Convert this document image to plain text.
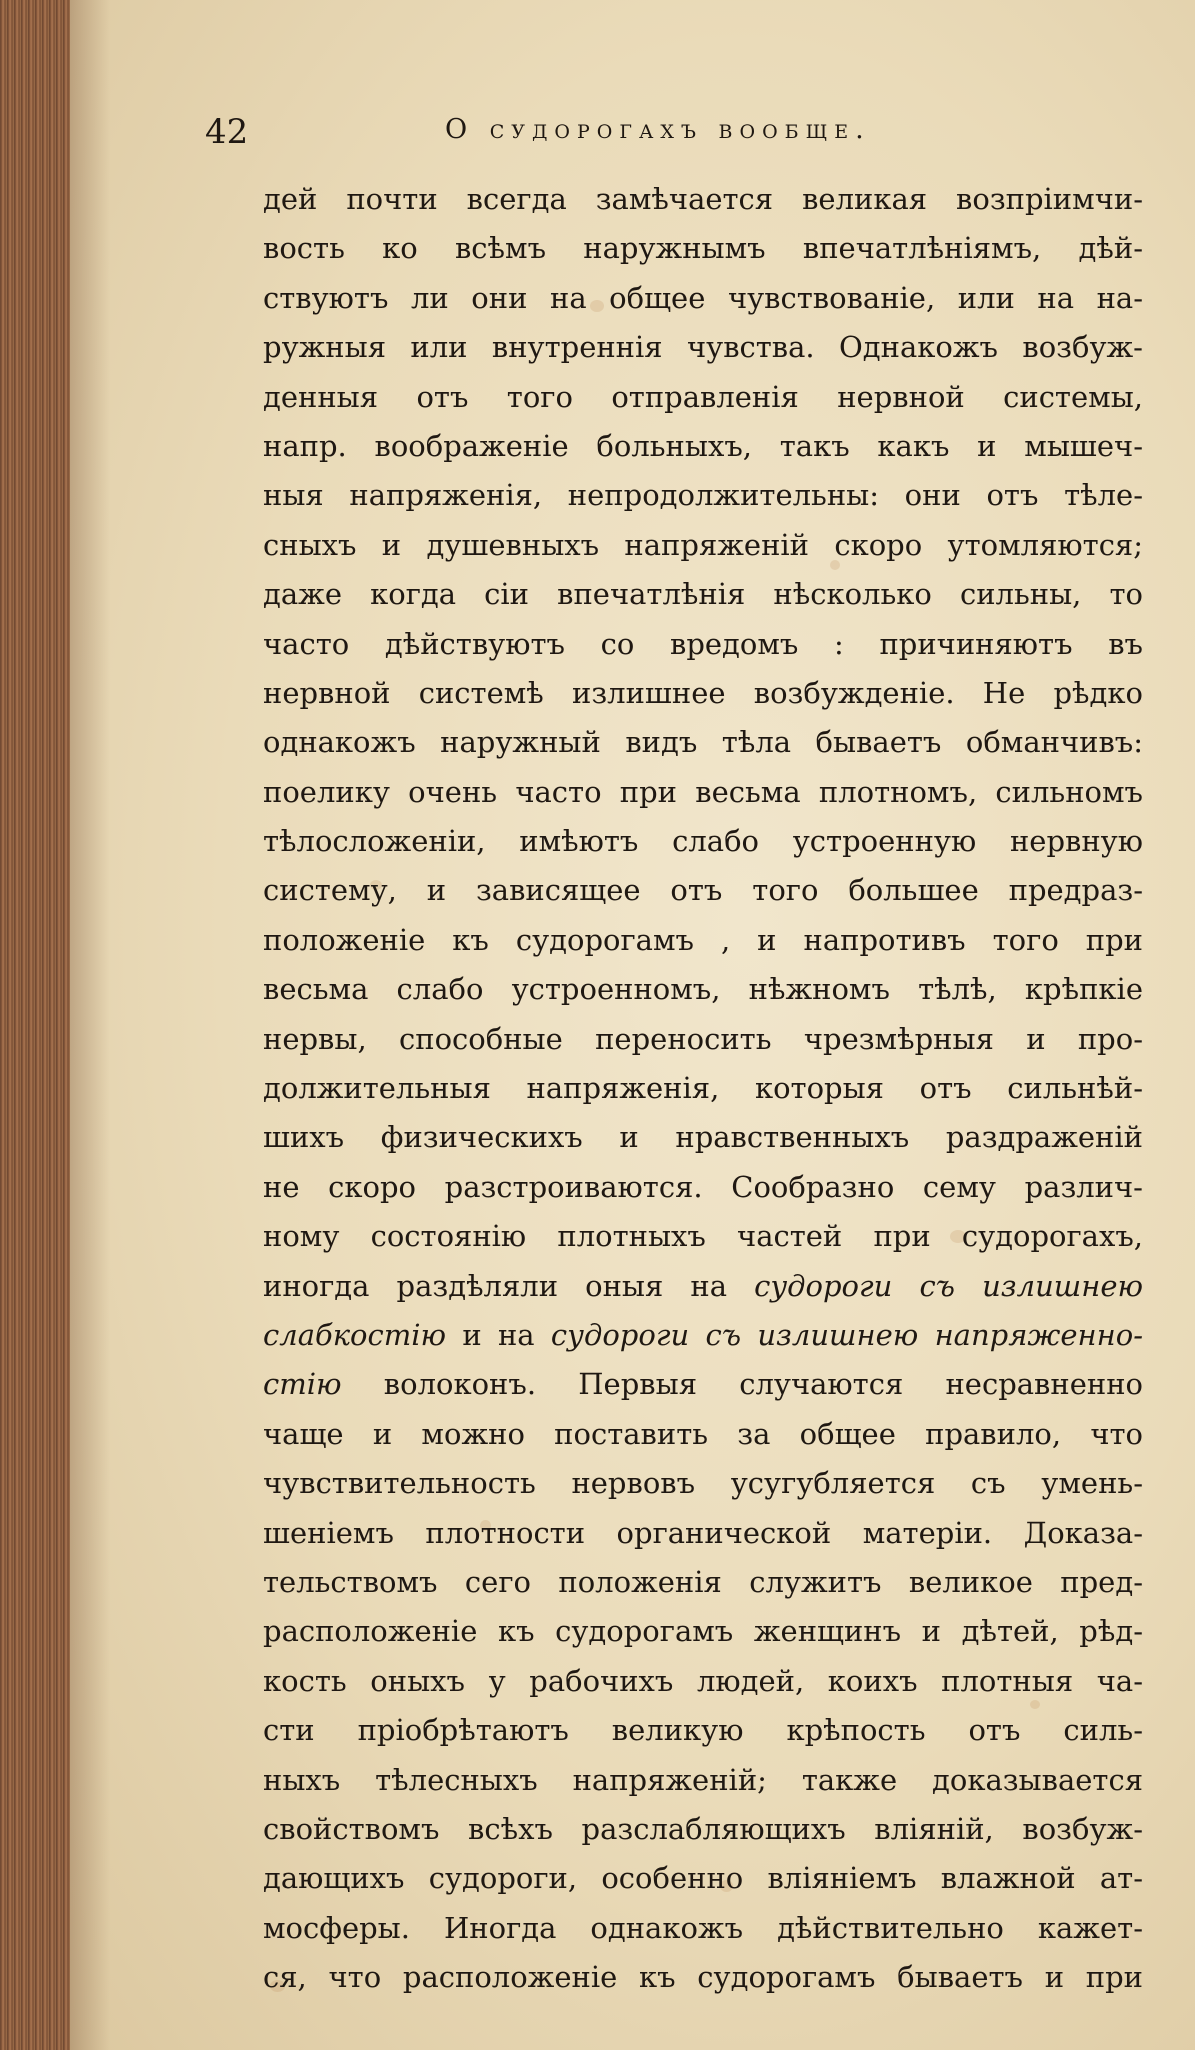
42	О судорогахъ вообще.
дей почти всегда замѣчается великая возпріимчи-
вость ко всѣмъ наружнымъ впечатлѣніямъ, дѣй-
ствуютъ ли они на общее чувствованіе, или на на-
ружныя или внутреннія чувства. Однакожъ возбуж-
денныя отъ того отправленія нервной системы,
напр. воображеніе больныхъ, такъ какъ и мышеч-
ныя напряженія, непродолжительны: они отъ тѣле-
сныхъ и душевныхъ напряженій скоро утомляются;
даже когда сіи впечатлѣнія нѣсколько сильны, то
часто дѣйствуютъ со вредомъ : причиняютъ въ
нервной системѣ излишнее возбужденіе. Не рѣдко
однакожъ наружный видъ тѣла бываетъ обманчивъ:
поелику очень часто при весьма плотномъ, сильномъ
тѣлосложеніи, имѣютъ слабо устроенную нервную
систему, и зависящее отъ того большее предраз-
положеніе къ судорогамъ , и напротивъ того при
весьма слабо устроенномъ, нѣжномъ тѣлѣ, крѣпкіе
нервы, способные переносить чрезмѣрныя и про-
должительныя напряженія, которыя отъ сильнѣй-
шихъ физическихъ и нравственныхъ раздраженій
не скоро разстроиваются. Сообразно сему различ-
ному состоянію плотныхъ частей при судорогахъ,
иногда раздѣляли оныя на судороги съ излишнею
слабкостію и на судороги съ излишнею напряженно-
стію волоконъ. Первыя случаются несравненно
чаще и можно поставить за общее правило, что
чувствительность нервовъ усугубляется съ умень-
шеніемъ плотности органической матеріи. Доказа-
тельствомъ сего положенія служитъ великое пред-
расположеніе къ судорогамъ женщинъ и дѣтей, рѣд-
кость оныхъ у рабочихъ людей, коихъ плотныя ча-
сти пріобрѣтаютъ великую крѣпость отъ силь-
ныхъ тѣлесныхъ напряженій; также доказывается
свойствомъ всѣхъ разслабляющихъ вліяній, возбуж-
дающихъ судороги, особенно вліяніемъ влажной ат-
мосферы. Иногда однакожъ дѣйствительно кажет-
ся, что расположеніе къ судорогамъ бываетъ и при
